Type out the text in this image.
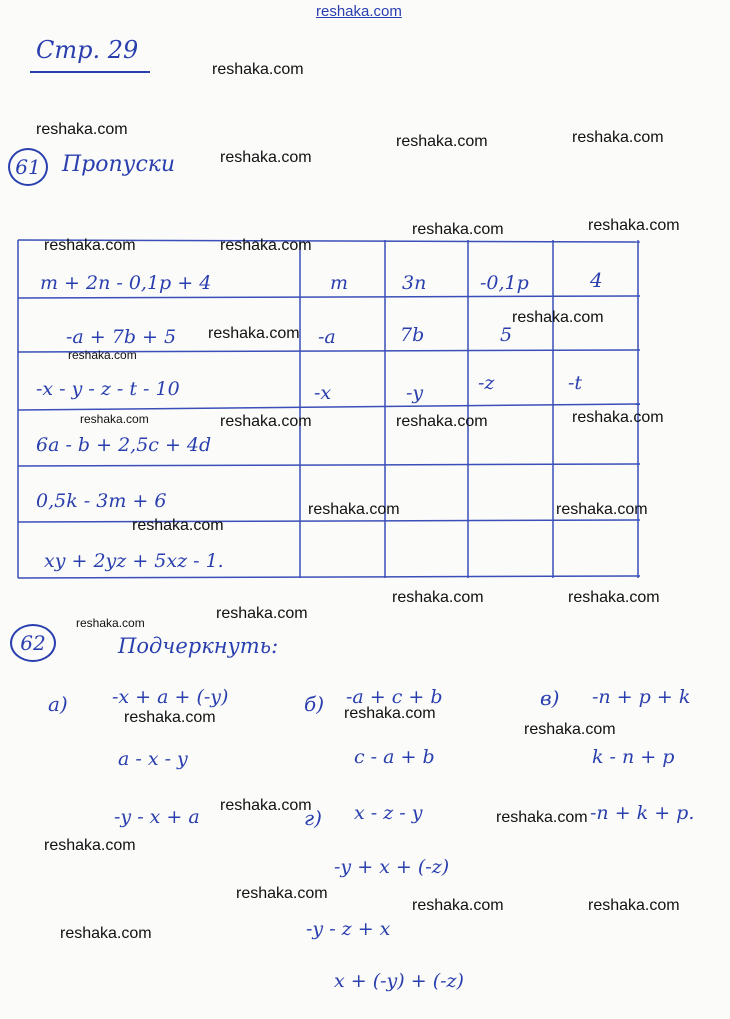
reshaka.com
Стр. 29
61 Пропуски
m + 2n - 0,1p + 4	m	3n	-0,1p	4
-a + 7b + 5	-a	7b	5
-x - y - z - t - 10	-x	-y	-z	-t
6a - b + 2,5c + 4d
0,5k - 3m + 6
xy + 2yz + 5xz - 1.
62	Подчеркнуть:
а) -x + a + (-y)
a - x - y
-y - x + a
б) -a + c + b
c - a + b
в) -n + p + k
k - n + p
-n + k + p.
г) x - z - y
-y + x + (-z)
-y - z + x
x + (-y) + (-z)
reshaka.com
reshaka.com
reshaka.com
reshaka.com	reshaka.com
reshaka.com	reshaka.com
reshaka.com	reshaka.com
reshaka.com
reshaka.com
reshaka.com
reshaka.com	reshaka.com	reshaka.com	reshaka.com
reshaka.com	reshaka.com
reshaka.com
reshaka.com	reshaka.com
reshaka.com
reshaka.com
reshaka.com	reshaka.com
reshaka.com
reshaka.com
reshaka.com
reshaka.com
reshaka.com
reshaka.com	reshaka.com
reshaka.com
